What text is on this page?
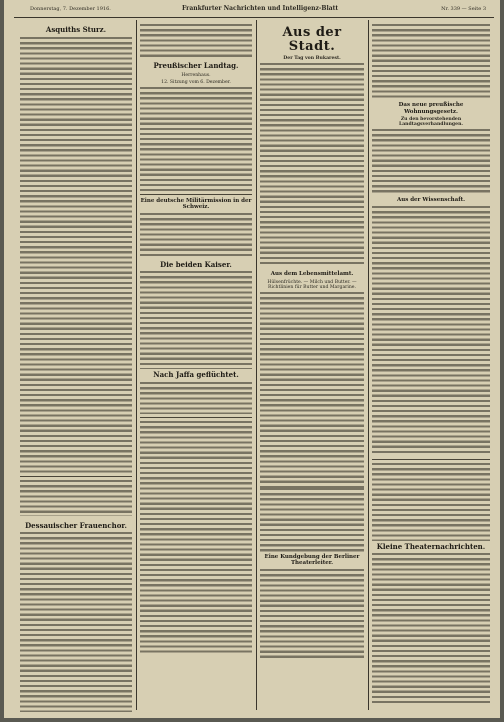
Donnerstag, 7. Dezember 1916.	Frankfurter Nachrichten und Intelligenz-Blatt	Nr. 339 — Seite 3
Asquiths Sturz.
Dessauischer Frauenchor.
Preußischer Landtag.
Herrenhaus.
12. Sitzung vom 6. Dezember.
Eine deutsche Militärmission in der Schweiz.
Die beiden Kaiser.
Nach Jaffa geflüchtet.
Aus der Stadt.
Der Tag von Bukarest.
Aus dem Lebensmittelamt.
Hülsenfrüchte. — Milch und Butter. — Richtlinien für Butter und Margarine.
Eine Kundgebung der Berliner Theaterleiter.
Das neue preußische Wohnungsgesetz.
Zu den bevorstehenden Landtagsverhandlungen.
Aus der Wissenschaft.
Kleine Theaternachrichten.
